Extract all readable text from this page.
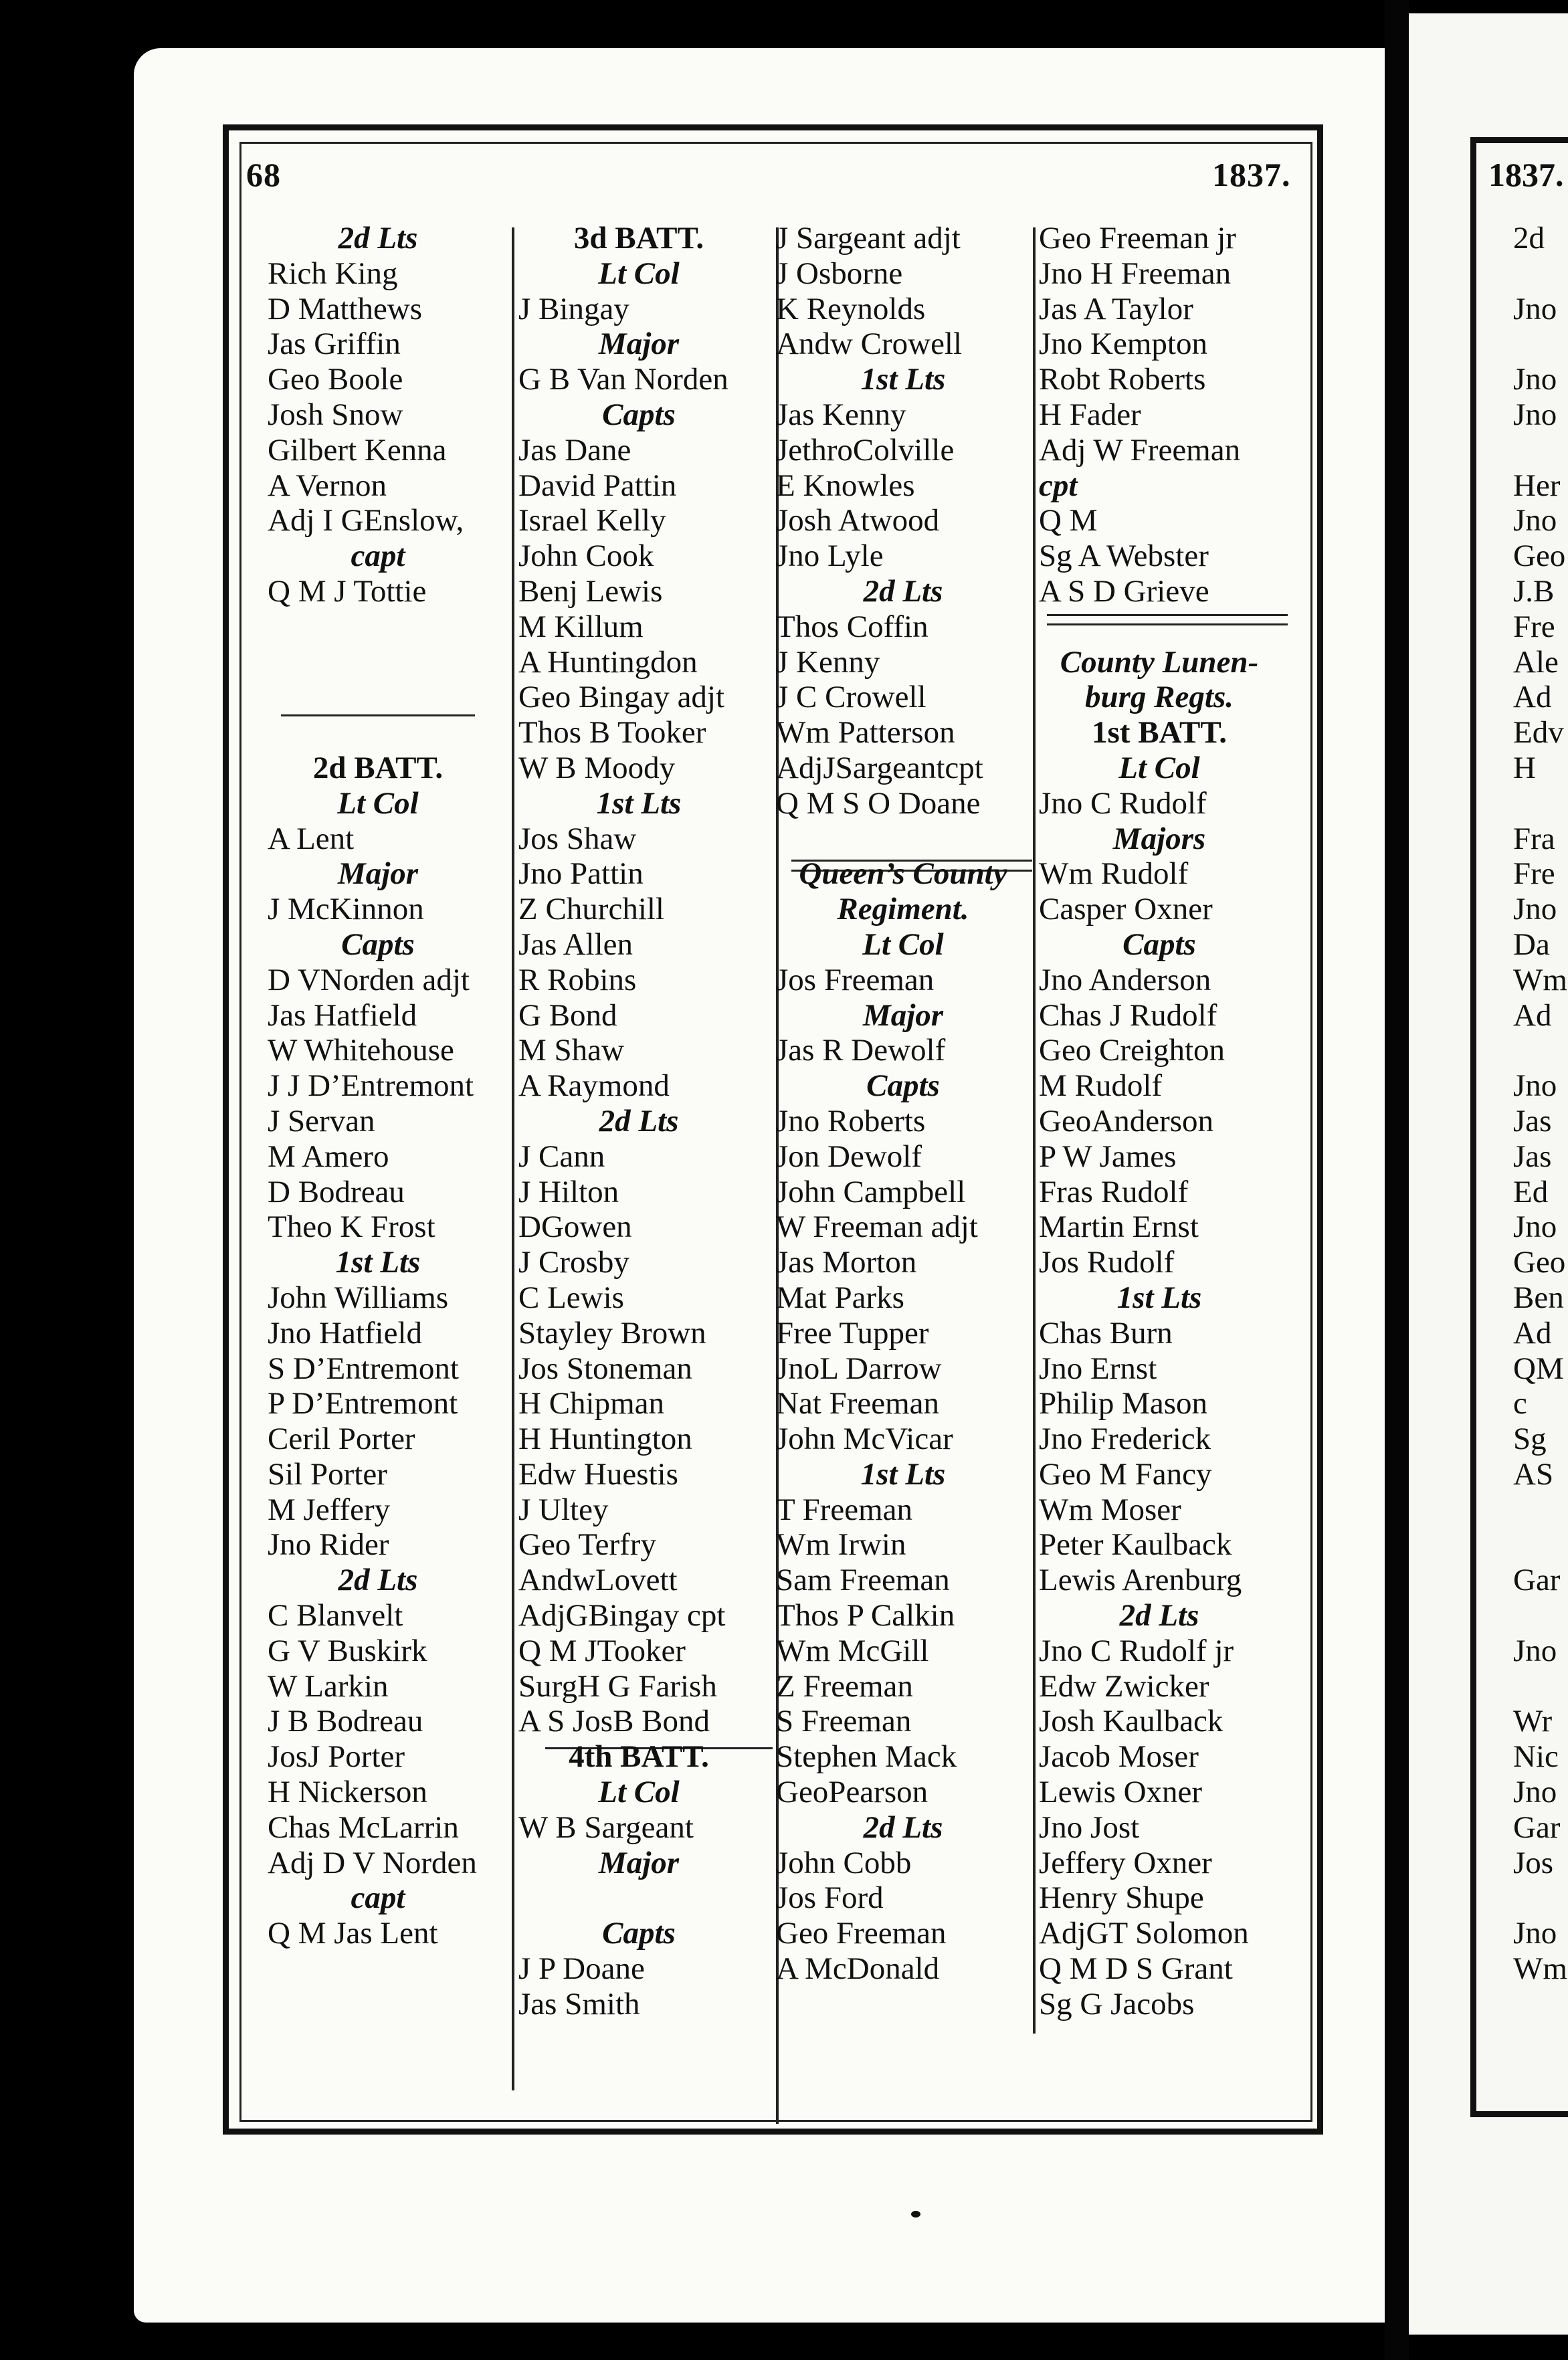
68	1837.
2d Lts
Rich King
D Matthews
Jas Griffin
Geo Boole
Josh Snow
Gilbert Kenna
A Vernon
Adj I GEnslow,
capt
Q M J Tottie
2d BATT.
Lt Col
A Lent
Major
J McKinnon
Capts
D VNorden adjt
Jas Hatfield
W Whitehouse
J J D’Entremont
J Servan
M Amero
D Bodreau
Theo K Frost
1st Lts
John Williams
Jno Hatfield
S D’Entremont
P D’Entremont
Ceril Porter
Sil Porter
M Jeffery
Jno Rider
2d Lts
C Blanvelt
G V Buskirk
W Larkin
J B Bodreau
JosJ Porter
H Nickerson
Chas McLarrin
Adj D V Norden
capt
Q M Jas Lent
3d BATT.
Lt Col
J Bingay
Major
G B Van Norden
Capts
Jas Dane
David Pattin
Israel Kelly
John Cook
Benj Lewis
M Killum
A Huntingdon
Geo Bingay adjt
Thos B Tooker
W B Moody
1st Lts
Jos Shaw
Jno Pattin
Z Churchill
Jas Allen
R Robins
G Bond
M Shaw
A Raymond
2d Lts
J Cann
J Hilton
DGowen
J Crosby
C Lewis
Stayley Brown
Jos Stoneman
H Chipman
H Huntington
Edw Huestis
J Ultey
Geo Terfry
AndwLovett
AdjGBingay cpt
Q M JTooker
SurgH G Farish
A S JosB Bond
4th BATT.
Lt Col
W B Sargeant
Major
Capts
J P Doane
Jas Smith
J Sargeant adjt
J Osborne
K Reynolds
Andw Crowell
1st Lts
Jas Kenny
JethroColville
E Knowles
Josh Atwood
Jno Lyle
2d Lts
Thos Coffin
J Kenny
J C Crowell
Wm Patterson
AdjJSargeantcpt
Q M S O Doane
Queen’s County
Regiment.
Lt Col
Jos Freeman
Major
Jas R Dewolf
Capts
Jno Roberts
Jon Dewolf
John Campbell
W Freeman adjt
Jas Morton
Mat Parks
Free Tupper
JnoL Darrow
Nat Freeman
John McVicar
1st Lts
T Freeman
Wm Irwin
Sam Freeman
Thos P Calkin
Wm McGill
Z Freeman
S Freeman
Stephen Mack
GeoPearson
2d Lts
John Cobb
Jos Ford
Geo Freeman
A McDonald
Geo Freeman jr
Jno H Freeman
Jas A Taylor
Jno Kempton
Robt Roberts
H Fader
Adj W Freeman
cpt
Q M
Sg A Webster
A S D Grieve
County Lunen-
burg Regts.
1st BATT.
Lt Col
Jno C Rudolf
Majors
Wm Rudolf
Casper Oxner
Capts
Jno Anderson
Chas J Rudolf
Geo Creighton
M Rudolf
GeoAnderson
P W James
Fras Rudolf
Martin Ernst
Jos Rudolf
1st Lts
Chas Burn
Jno Ernst
Philip Mason
Jno Frederick
Geo M Fancy
Wm Moser
Peter Kaulback
Lewis Arenburg
2d Lts
Jno C Rudolf jr
Edw Zwicker
Josh Kaulback
Jacob Moser
Lewis Oxner
Jno Jost
Jeffery Oxner
Henry Shupe
AdjGT Solomon
Q M D S Grant
Sg G Jacobs
1837.
2d
Jno
Jno
Jno
Her
Jno
Geo
J.B
Fre
Ale
Ad
Edv
H
Fra
Fre
Jno
Da
Wm
Ad
Jno
Jas
Jas
Ed
Jno
Geo
Ben
Ad
QM
c
Sg
AS
Gar
Jno
Wr
Nic
Jno
Gar
Jos
Jno
Wm
